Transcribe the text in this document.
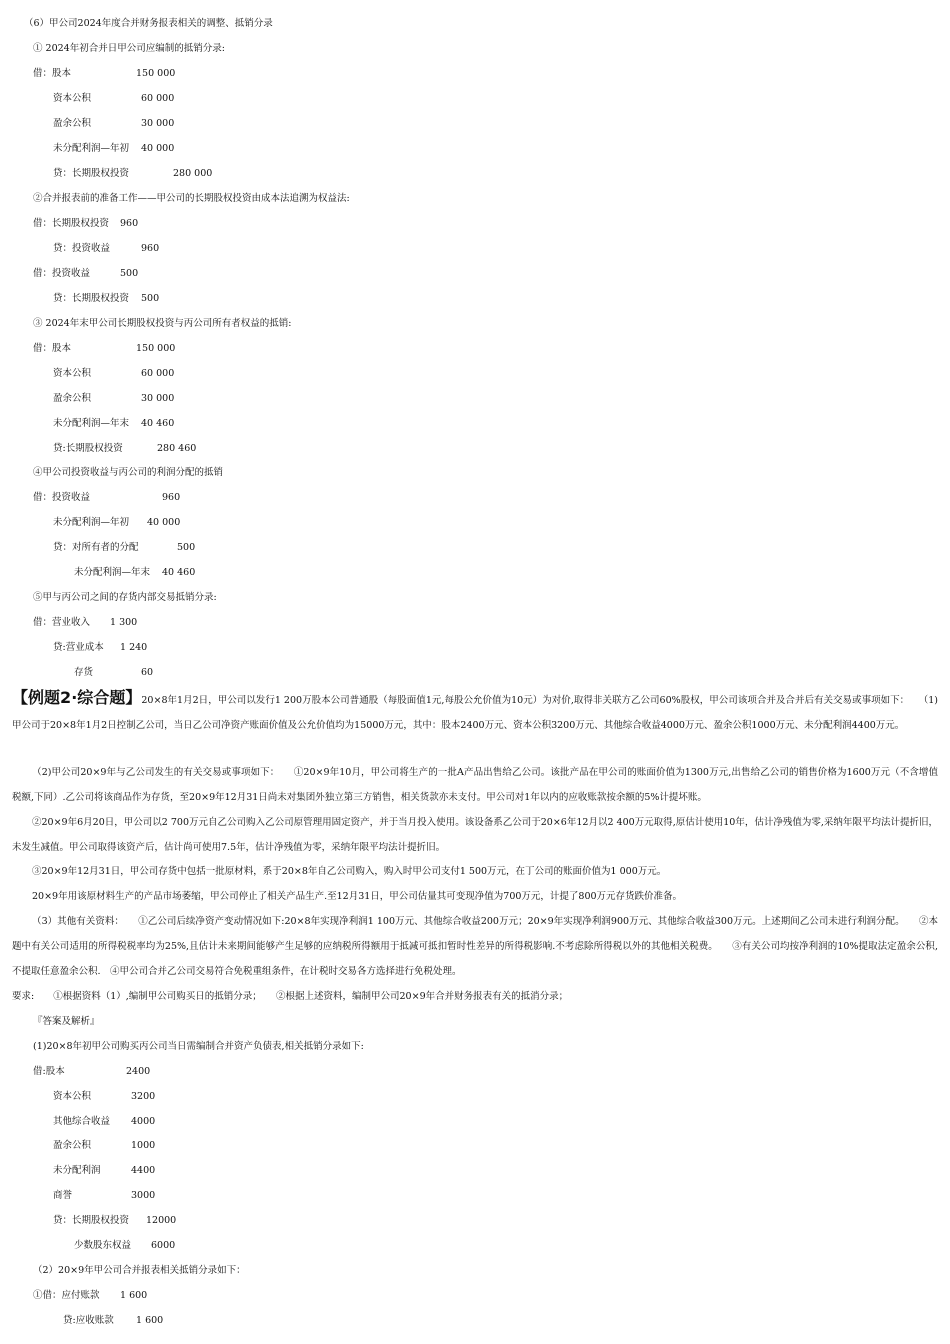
（6）甲公司2024年度合并财务报表相关的调整、抵销分录
① 2024年初合并日甲公司应编制的抵销分录:
借：股本	150 000
资本公积	60 000
盈余公积	30 000
未分配利润—年初 40 000
贷：长期股权投资	280 000
②合并报表前的准备工作——甲公司的长期股权投资由成本法追溯为权益法:
借：长期股权投资 960
贷：投资收益	960
借：投资收益	500
贷：长期股权投资 500
③ 2024年末甲公司长期股权投资与丙公司所有者权益的抵销:
借：股本	150 000
资本公积	60 000
盈余公积	30 000
未分配利润—年末 40 460
贷:长期股权投资	280 460
④甲公司投资收益与丙公司的利润分配的抵销
借：投资收益	960
未分配利润—年初 40 000
贷：对所有者的分配	500
未分配利润—年末 40 460
⑤甲与丙公司之间的存货内部交易抵销分录:
借：营业收入 1 300
贷:营业成本 1 240
存货	60
【例题2·综合题】20×8年1月2日，甲公司以发行1 200万股本公司普通股（每股面值1元,每股公允价值为10元）为对价,取得非关联方乙公司60%股权，甲公司该项合并及合并后有关交易或事项如下：　　（1)甲公司于20×8年1月2日控制乙公司，当日乙公司净资产账面价值及公允价值均为15000万元，其中：股本2400万元、资本公积3200万元、其他综合收益4000万元、盈余公积1000万元、未分配利润4400万元。
（2)甲公司20×9年与乙公司发生的有关交易或事项如下：　　①20×9年10月，甲公司将生产的一批A产品出售给乙公司。该批产品在甲公司的账面价值为1300万元,出售给乙公司的销售价格为1600万元（不含增值税额,下同）.乙公司将该商品作为存货，至20×9年12月31日尚未对集团外独立第三方销售，相关货款亦未支付。甲公司对1年以内的应收账款按余额的5%计提坏账。
②20×9年6月20日，甲公司以2 700万元自乙公司购入乙公司原管理用固定资产，并于当月投入使用。该设备系乙公司于20×6年12月以2 400万元取得,原估计使用10年，估计净残值为零,采纳年限平均法计提折旧，未发生减值。甲公司取得该资产后，估计尚可使用7.5年，估计净残值为零，采纳年限平均法计提折旧。
③20×9年12月31日，甲公司存货中包括一批原材料，系于20×8年自乙公司购入，购入时甲公司支付1 500万元，在丁公司的账面价值为1 000万元。
20×9年用该原材料生产的产品市场萎缩，甲公司停止了相关产品生产.至12月31日，甲公司估量其可变现净值为700万元，计提了800万元存货跌价准备。
（3）其他有关资料：　　①乙公司后续净资产变动情况如下:20×8年实现净利润1 100万元、其他综合收益200万元；20×9年实现净利润900万元、其他综合收益300万元。上述期间乙公司未进行利润分配。　　②本题中有关公司适用的所得税税率均为25%,且估计未来期间能够产生足够的应纳税所得额用于抵减可抵扣暂时性差异的所得税影响.不考虑除所得税以外的其他相关税费。　　③有关公司均按净利润的10%提取法定盈余公积,不提取任意盈余公积.　④甲公司合并乙公司交易符合免税重组条件，在计税时交易各方选择进行免税处理。
要求:　　①根据资料（1）,编制甲公司购买日的抵销分录；　　②根据上述资料，编制甲公司20×9年合并财务报表有关的抵消分录；
『答案及解析』
(1)20×8年初甲公司购买丙公司当日需编制合并资产负债表,相关抵销分录如下:
借:股本	2400
资本公积	3200
其他综合收益 4000
盈余公积	1000
未分配利润	4400
商誉	3000
贷：长期股权投资 12000
少数股东权益 6000
（2）20×9年甲公司合并报表相关抵销分录如下：
①借：应付账款 1 600
贷:应收账款 1 600
